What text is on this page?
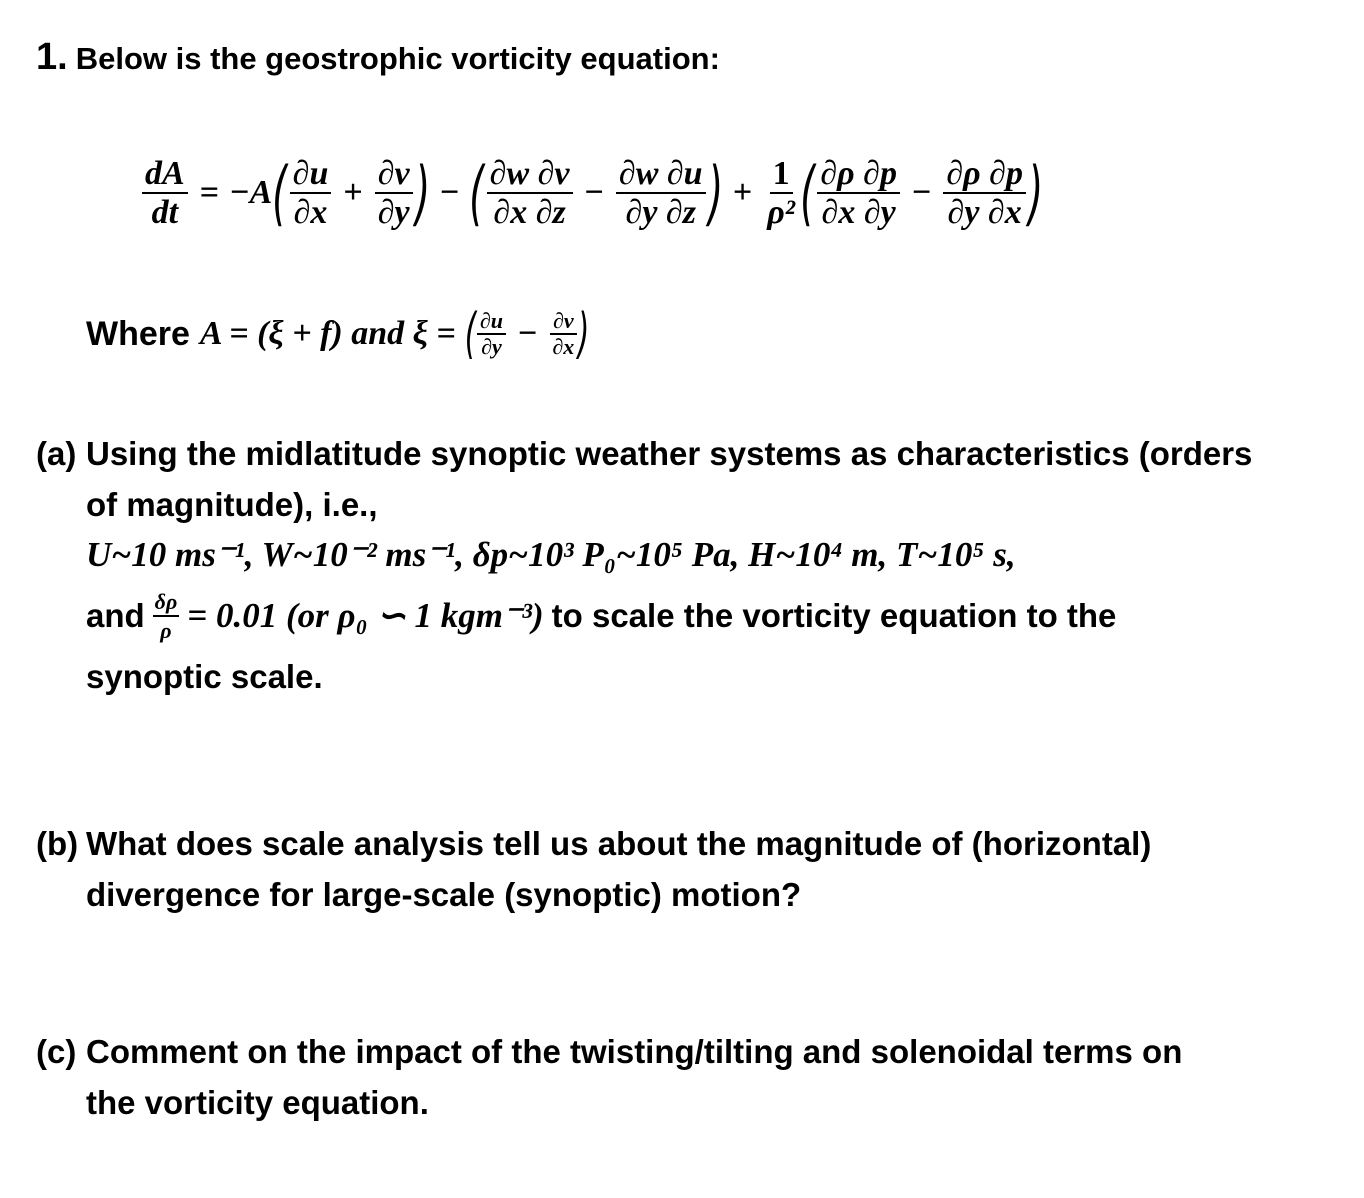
1. Below is the geostrophic vorticity equation:
$\frac{dA}{dt} = -A$ ( $\frac{\partial u}{\partial x} + \frac{\partial v}{\partial y}$ ) − ( $\frac{\partial w \partial v}{\partial x \partial z} - \frac{\partial w \partial u}{\partial y \partial z}$ ) + $\frac{1}{\text{ρ²}}$ ( $\frac{\partial\rho \partial p}{\partial x \partial y} - \frac{\partial\rho \partial p}{\partial y \partial x}$ )
Where A = (ξ + f) and ξ = ( $\frac{\partial u}{\partial y} - \frac{\partial v}{\partial x}$ )
(a) Using the midlatitude synoptic weather systems as characteristics (orders
of magnitude), i.e.,
U~10 ms⁻¹, W~10⁻² ms⁻¹, δp~10³ P₀~10⁵ Pa, H~10⁴ m, T~10⁵ s,
and $\frac{\delta\rho}{\rho} = 0.01$ (or ρ₀ ∽ 1 kgm⁻³) to scale the vorticity equation to the
synoptic scale.
(b) What does scale analysis tell us about the magnitude of (horizontal)
divergence for large-scale (synoptic) motion?
(c) Comment on the impact of the twisting/tilting and solenoidal terms on
the vorticity equation.
